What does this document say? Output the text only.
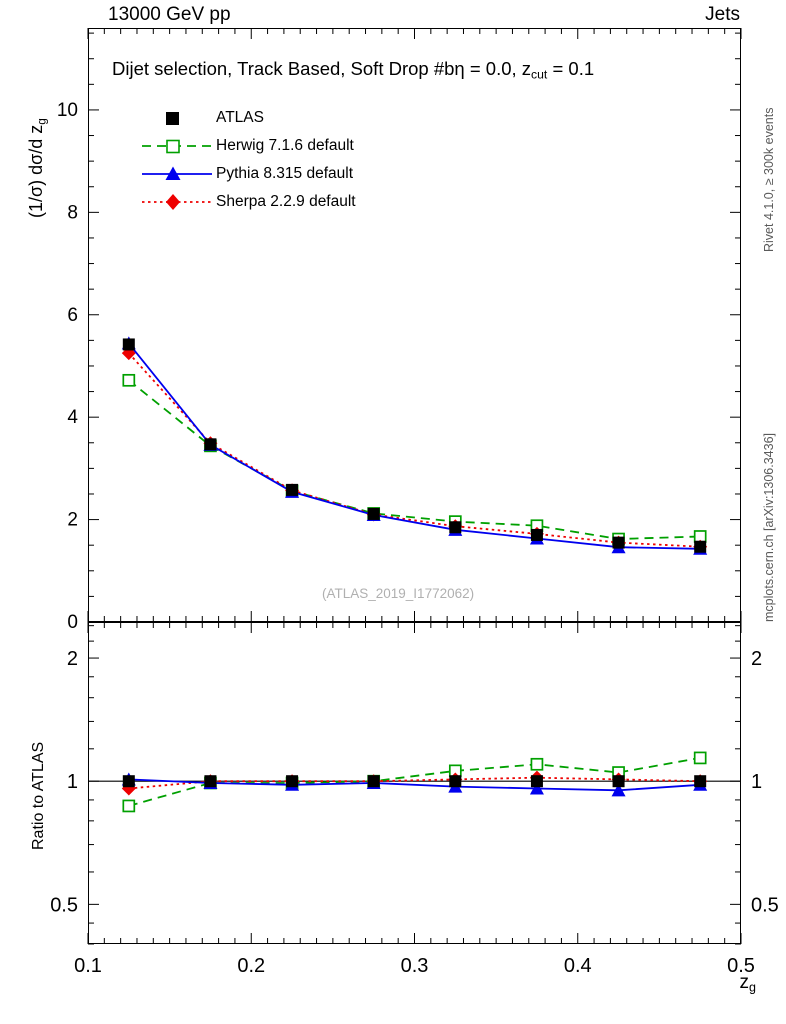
13000 GeV pp	Jets
Rivet 4.1.0, ≥ 300k events
mcplots.cern.ch [arXiv:1306.3436]
(1/σ) dσ/d $z_g$
Dijet selection, Track Based, Soft Drop #bη = 0.0, $z_{cut} = 0.1$
(ATLAS_2019_I1772062)
ATLAS
Herwig 7.1.6 default
Pythia 8.315 default
Sherpa 2.2.9 default
Ratio to ATLAS
$z_g$
0
2
4
6
8
10
0.5	0.5
1	1
2	2
0.1	0.2	0.3	0.4	0.5
